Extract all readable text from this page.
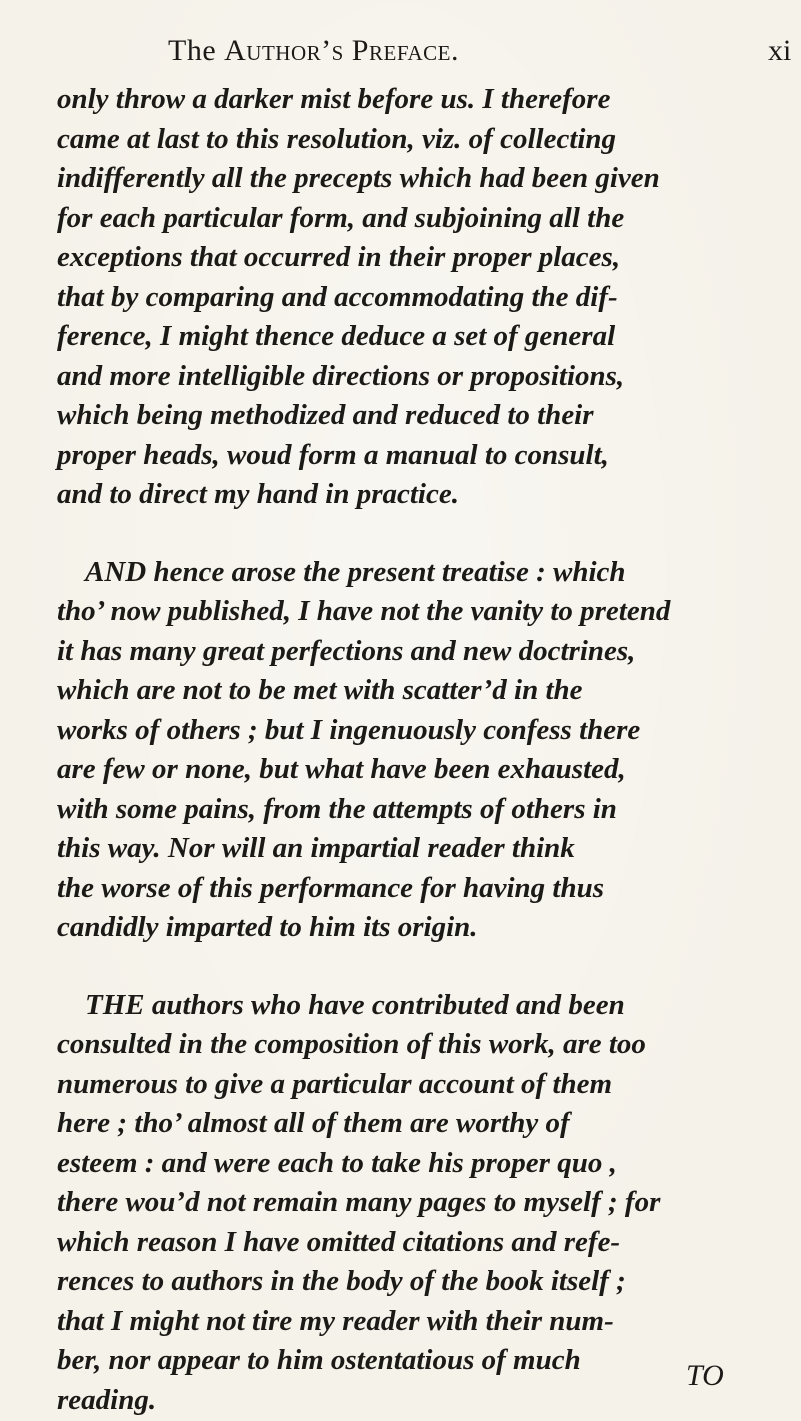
The Author’s Preface.	xi
only throw a darker mist before us. I therefore
came at last to this resolution, viz. of collecting
indifferently all the precepts which had been given
for each particular form, and subjoining all the
exceptions that occurred in their proper places,
that by comparing and accommodating the dif-
ference, I might thence deduce a set of general
and more intelligible directions or propositions,
which being methodized and reduced to their
proper heads, woud form a manual to consult,
and to direct my hand in practice.
AND hence arose the present treatise : which
tho’ now published, I have not the vanity to pretend
it has many great perfections and new doctrines,
which are not to be met with scatter’d in the
works of others ; but I ingenuously confess there
are few or none, but what have been exhausted,
with some pains, from the attempts of others in
this way. Nor will an impartial reader think
the worse of this performance for having thus
candidly imparted to him its origin.
THE authors who have contributed and been
consulted in the composition of this work, are too
numerous to give a particular account of them
here ; tho’ almost all of them are worthy of
esteem : and were each to take his proper quo ,
there wou’d not remain many pages to myself ; for
which reason I have omitted citations and refe-
rences to authors in the body of the book itself ;
that I might not tire my reader with their num-
ber, nor appear to him ostentatious of much
reading.
TO
